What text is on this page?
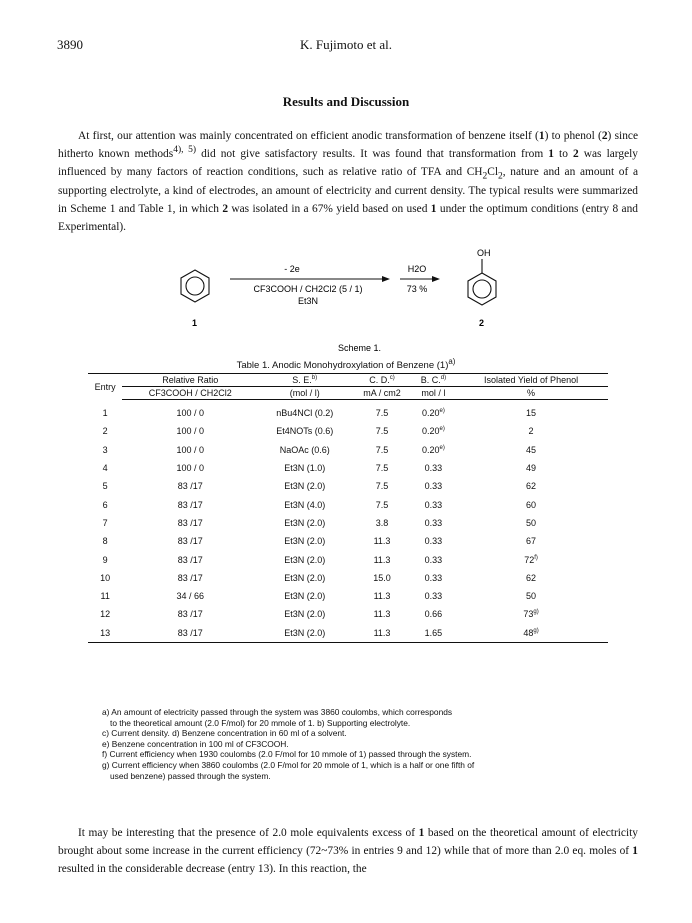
3890	K. Fujimoto et al.
Results and Discussion
At first, our attention was mainly concentrated on efficient anodic transformation of benzene itself (1) to phenol (2) since hitherto known methods$^{4), 5)}$ did not give satisfactory results. It was found that transformation from 1 to 2 was largely influenced by many factors of reaction conditions, such as relative ratio of TFA and $CH_2Cl_2$, nature and an amount of a supporting electrolyte, a kind of electrodes, an amount of electricity and current density. The typical results were summarized in Scheme 1 and Table 1, in which 2 was isolated in a 67% yield based on used 1 under the optimum conditions (entry 8 and Experimental).
1
- 2e
CF3COOH / CH2Cl2 (5 / 1)
Et3N
H2O
73 %
OH
2
Scheme 1.
Table 1. Anodic Monohydroxylation of Benzene $(1)^{a)}$
Entry	Relative Ratio	S. E.$^{b)}$	C. D.$^{c)}$	B. C.$^{d)}$	Isolated Yield of Phenol
	CF3COOH / CH2Cl2	(mol / l)	mA / cm2	mol / l	%
1	100 / 0	nBu4NCl (0.2)	7.5	0.20$^{e)}$	15
2	100 / 0	Et4NOTs (0.6)	7.5	0.20$^{e)}$	2
3	100 / 0	NaOAc (0.6)	7.5	0.20$^{e)}$	45
4	100 / 0	Et3N (1.0)	7.5	0.33	49
5	83 /17	Et3N (2.0)	7.5	0.33	62
6	83 /17	Et3N (4.0)	7.5	0.33	60
7	83 /17	Et3N (2.0)	3.8	0.33	50
8	83 /17	Et3N (2.0)	11.3	0.33	67
9	83 /17	Et3N (2.0)	11.3	0.33	72$^{f)}$
10	83 /17	Et3N (2.0)	15.0	0.33	62
11	34 / 66	Et3N (2.0)	11.3	0.33	50
12	83 /17	Et3N (2.0)	11.3	0.66	73$^{g)}$
13	83 /17	Et3N (2.0)	11.3	1.65	48$^{g)}$
a) An amount of electricity passed through the system was 3860 coulombs, which corresponds
to the theoretical amount (2.0 F/mol) for 20 mmole of 1. b) Supporting electrolyte.
c) Current density. d) Benzene concentration in 60 ml of a solvent.
e) Benzene concentration in 100 ml of CF3COOH.
f) Current efficiency when 1930 coulombs (2.0 F/mol for 10 mmole of 1) passed through the system.
g) Current efficiency when 3860 coulombs (2.0 F/mol for 20 mmole of 1, which is a half or one fifth of
used benzene) passed through the system.
It may be interesting that the presence of 2.0 mole equivalents excess of 1 based on the theoretical amount of electricity brought about some increase in the current efficiency (72~73% in entries 9 and 12) while that of more than 2.0 eq. moles of 1 resulted in the considerable decrease (entry 13). In this reaction, the
